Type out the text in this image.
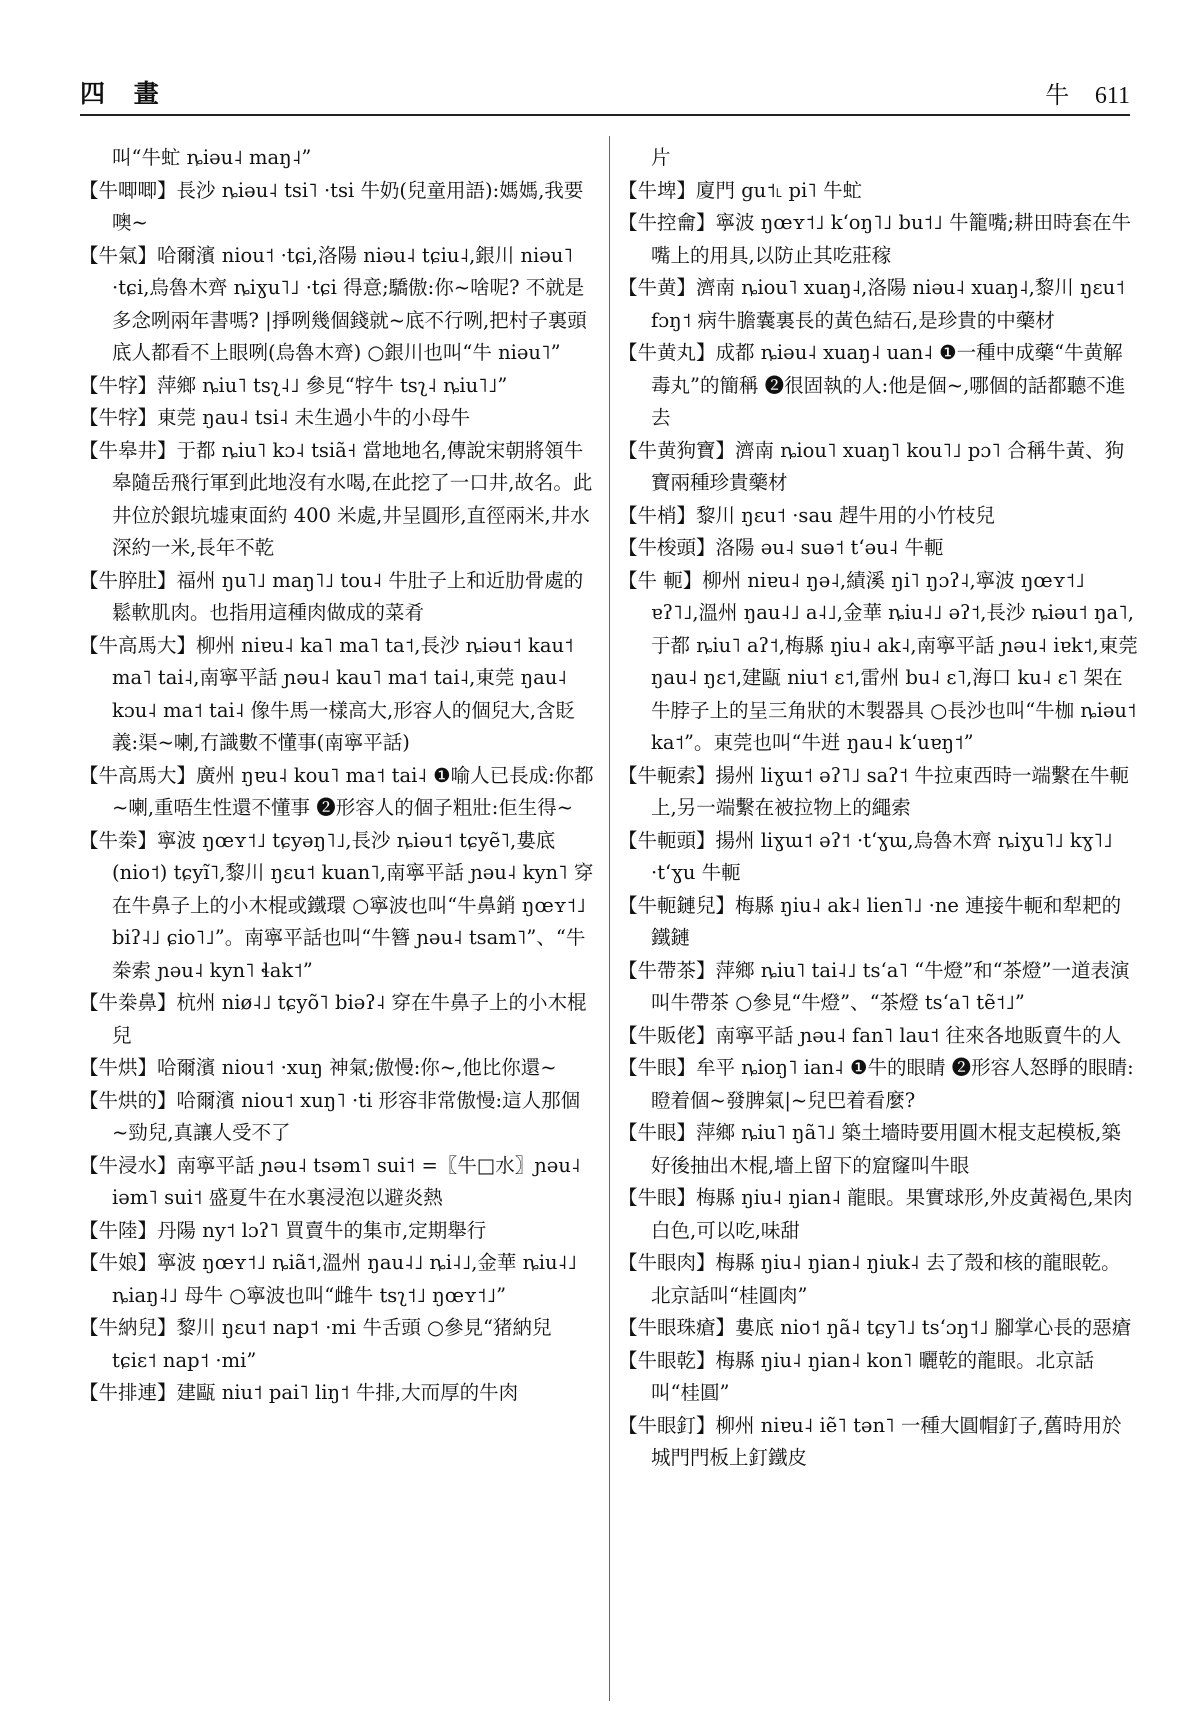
四 畫	牛 611

叫“牛虻 ȵiəu˨ maŋ˨”

【牛唧唧】長沙 ȵiəu˨ tsi˥ ·tsi 牛奶(兒童用語):媽媽,我要噢~

【牛氣】哈爾濱 niou˦ ·tɕi,洛陽 niəu˨ tɕiu˨,銀川 niəu˥ ·tɕi,烏魯木齊 ȵiɣu˥˩ ·tɕi 得意;驕傲:你~啥呢? 不就是多念咧兩年書嗎? |掙咧幾個錢就~底不行咧,把村子裏頭底人都看不上眼咧(烏魯木齊) ○銀川也叫“牛 niəu˥”

【牛牸】萍鄉 ȵiu˥ tsʅ˨˩ 參見“牸牛 tsʅ˨ ȵiu˥˩”

【牛牸】東莞 ŋau˨ tsi˨ 未生過小牛的小母牛

【牛皋井】于都 ȵiu˥ kɔ˨ tsiã˧ 當地地名,傳說宋朝將領牛皋隨岳飛行軍到此地沒有水喝,在此挖了一口井,故名。此井位於銀坑墟東面約 400 米處,井呈圓形,直徑兩米,井水深約一米,長年不乾

【牛脺肚】福州 ŋu˥˩ maŋ˥˩ tou˨ 牛肚子上和近肋骨處的鬆軟肌肉。也指用這種肉做成的菜肴

【牛高馬大】柳州 niɐu˨ ka˥ ma˥ ta˦,長沙 ȵiəu˦ kau˦ ma˥ tai˨,南寧平話 ɲəu˨ kau˥ ma˦ tai˨,東莞 ŋau˨ kɔu˨ ma˦ tai˨ 像牛馬一樣高大,形容人的個兒大,含貶義:渠~喇,冇識數不懂事(南寧平話)

【牛高馬大】廣州 ŋɐu˨ kou˥ ma˦ tai˨ ❶喻人已長成:你都~喇,重唔生性還不懂事 ❷形容人的個子粗壯:佢生得~

【牛桊】寧波 ŋœʏ˦˩ tɕyəŋ˥˩,長沙 ȵiəu˦ tɕyẽ˥,婁底(nio˦) tɕyĩ˥,黎川 ŋɛu˦ kuan˥,南寧平話 ɲəu˨ kyn˥ 穿在牛鼻子上的小木棍或鐵環 ○寧波也叫“牛鼻銷 ŋœʏ˦˩ biʔ˨˩ ɕio˥˩”。南寧平話也叫“牛簪 ɲəu˨ tsam˥”、“牛桊索 ɲəu˨ kyn˥ ɬak˦”

【牛桊鼻】杭州 niø˨˩ tɕyõ˥ biəʔ˨ 穿在牛鼻子上的小木棍兒

【牛烘】哈爾濱 niou˦ ·xuŋ 神氣;傲慢:你~,他比你還~

【牛烘的】哈爾濱 niou˦ xuŋ˥ ·ti 形容非常傲慢:這人那個~勁兒,真讓人受不了

【牛浸水】南寧平話 ɲəu˨ tsəm˥ sui˦ =〖牛□水〗ɲəu˨ iəm˥ sui˦ 盛夏牛在水裏浸泡以避炎熱

【牛陸】丹陽 ny˦ lɔʔ˥ 買賣牛的集市,定期舉行

【牛娘】寧波 ŋœʏ˦˩ ȵiã˦,溫州 ŋau˨˩ ȵi˨˩,金華 ȵiu˨˩ ȵiaŋ˨˩ 母牛 ○寧波也叫“雌牛 tsʅ˦˩ ŋœʏ˦˩”

【牛納兒】黎川 ŋɛu˦ nap˦ ·mi 牛舌頭 ○參見“猪納兒 tɕiɛ˦ nap˦ ·mi”

【牛排連】建甌 niu˦ pai˥ liŋ˦ 牛排,大而厚的牛肉

片

【牛埤】廈門 gu˦˪ pi˥ 牛虻

【牛控龠】寧波 ŋœʏ˦˩ kʻoŋ˥˩ bu˦˩ 牛籠嘴;耕田時套在牛嘴上的用具,以防止其吃莊稼

【牛黄】濟南 ȵiou˥ xuaŋ˨,洛陽 niəu˨ xuaŋ˨,黎川 ŋɛu˦ fɔŋ˦ 病牛膽囊裏長的黃色結石,是珍貴的中藥材

【牛黄丸】成都 ȵiəu˨ xuaŋ˨ uan˨ ❶一種中成藥“牛黄解毒丸”的簡稱 ❷很固執的人:他是個~,哪個的話都聽不進去

【牛黄狗寶】濟南 ȵiou˥ xuaŋ˥ kou˥˩ pɔ˥ 合稱牛黃、狗寶兩種珍貴藥材

【牛梢】黎川 ŋɛu˦ ·sau 趕牛用的小竹枝兒

【牛梭頭】洛陽 əu˨ suə˦ tʻəu˨ 牛軛

【牛 軛】柳州 niɐu˨ ŋə˨,績溪 ŋi˥ ŋɔʔ˨,寧波 ŋœʏ˦˩ ɐʔ˥˩,溫州 ŋau˨˩ a˨˩,金華 ȵiu˨˩ əʔ˦,長沙 ȵiəu˦ ŋa˥,于都 ȵiu˥ aʔ˦,梅縣 ŋiu˨ ak˨,南寧平話 ɲəu˨ iɐk˦,東莞 ŋau˨ ŋɛ˦,建甌 niu˦ ɛ˦,雷州 bu˨ ɛ˥,海口 ku˨ ɛ˥ 架在牛脖子上的呈三角狀的木製器具 ○長沙也叫“牛枷 ȵiəu˦ ka˦”。東莞也叫“牛逬 ŋau˨ kʻuɐŋ˦”

【牛軛索】揚州 liɣɯ˦ əʔ˥˩ saʔ˦ 牛拉東西時一端繫在牛軛上,另一端繫在被拉物上的繩索

【牛軛頭】揚州 liɣɯ˦ əʔ˦ ·tʻɣɯ,烏魯木齊 ȵiɣu˥˩ kɣ˥˩ ·tʻɣu 牛軛

【牛軛鏈兒】梅縣 ŋiu˨ ak˨ lien˥˩ ·ne 連接牛軛和犁耙的鐵鏈

【牛帶茶】萍鄉 ȵiu˥ tai˨˩ tsʻa˥ “牛燈”和“茶燈”一道表演叫牛帶茶 ○參見“牛燈”、“茶燈 tsʻa˥ tẽ˦˩”

【牛販佬】南寧平話 ɲəu˨ fan˥ lau˦ 往來各地販賣牛的人

【牛眼】牟平 ȵioŋ˥ ian˨ ❶牛的眼睛 ❷形容人怒睜的眼睛:瞪着個~發脾氣|~兒巴着看麼?

【牛眼】萍鄉 ȵiu˥ ŋã˥˩ 築土墻時要用圓木棍支起模板,築好後抽出木棍,墻上留下的窟窿叫牛眼

【牛眼】梅縣 ŋiu˨ ŋian˨ 龍眼。果實球形,外皮黃褐色,果肉白色,可以吃,味甜

【牛眼肉】梅縣 ŋiu˨ ŋian˨ ŋiuk˨ 去了殼和核的龍眼乾。北京話叫“桂圓肉”

【牛眼珠瘡】婁底 nio˦ ŋã˨ tɕy˥˩ tsʻɔŋ˦˩ 腳掌心長的惡瘡

【牛眼乾】梅縣 ŋiu˨ ŋian˨ kon˥ 曬乾的龍眼。北京話叫“桂圓”

【牛眼釘】柳州 niɐu˨ iẽ˥ tən˥ 一種大圓帽釘子,舊時用於城門門板上釘鐵皮
